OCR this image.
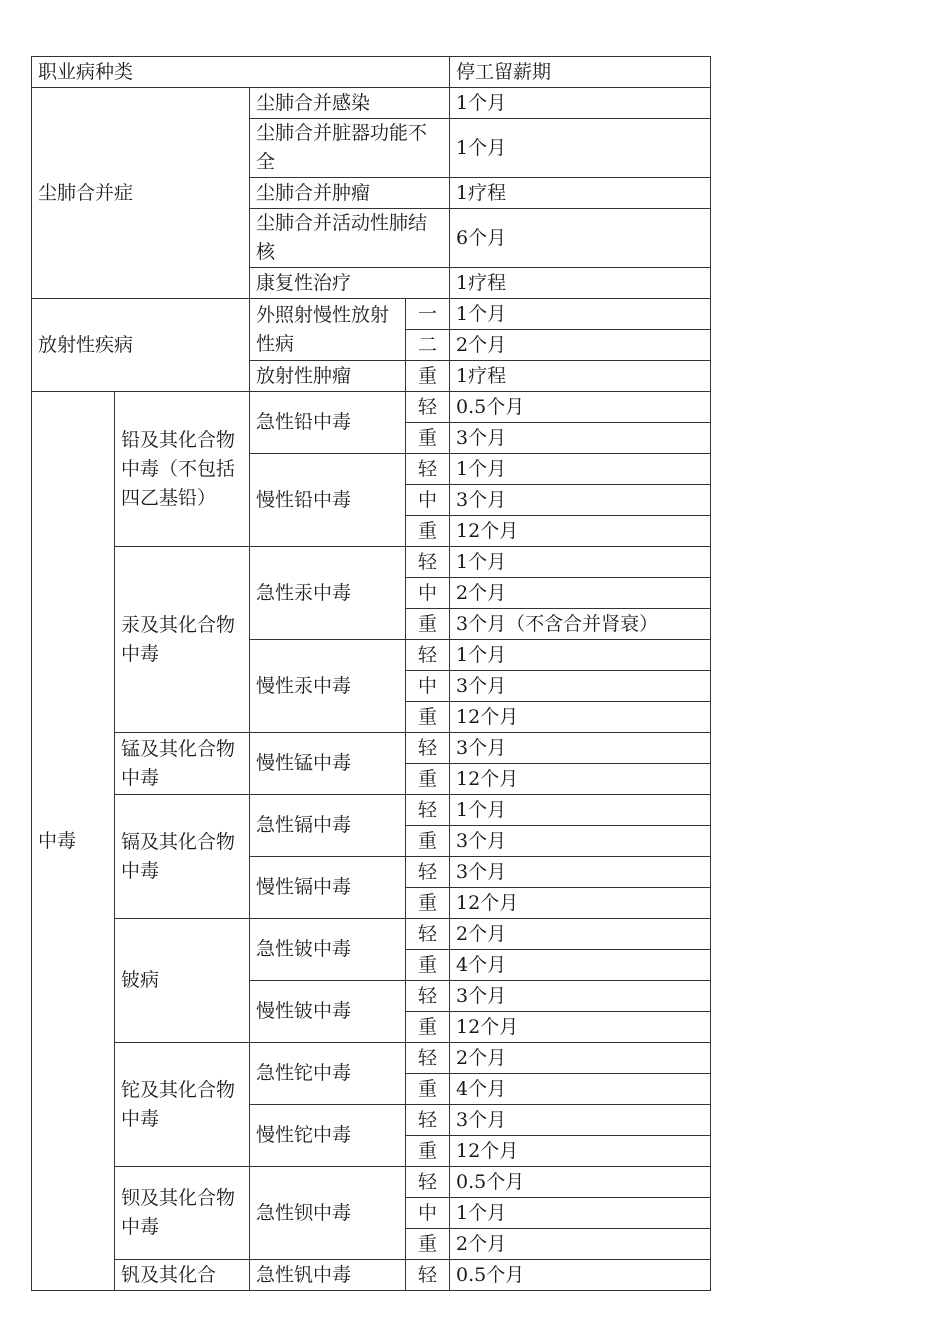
职业病种类				停工留薪期
尘肺合并症		尘肺合并感染		1个月
		尘肺合并脏器功能不全		1个月
		尘肺合并肿瘤		1疗程
		尘肺合并活动性肺结核		6个月
		康复性治疗		1疗程
放射性疾病		外照射慢性放射性病	一	1个月
			二	2个月
		放射性肿瘤	重	1疗程
中毒	铅及其化合物中毒（不包括四乙基铅）	急性铅中毒	轻	0.5个月
			重	3个月
		慢性铅中毒	轻	1个月
			中	3个月
			重	12个月
	汞及其化合物中毒	急性汞中毒	轻	1个月
			中	2个月
			重	3个月（不含合并肾衰）
		慢性汞中毒	轻	1个月
			中	3个月
			重	12个月
	锰及其化合物中毒	慢性锰中毒	轻	3个月
			重	12个月
	镉及其化合物中毒	急性镉中毒	轻	1个月
			重	3个月
		慢性镉中毒	轻	3个月
			重	12个月
	铍病	急性铍中毒	轻	2个月
			重	4个月
		慢性铍中毒	轻	3个月
			重	12个月
	铊及其化合物中毒	急性铊中毒	轻	2个月
			重	4个月
		慢性铊中毒	轻	3个月
			重	12个月
	钡及其化合物中毒	急性钡中毒	轻	0.5个月
			中	1个月
			重	2个月
	钒及其化合	急性钒中毒	轻	0.5个月
